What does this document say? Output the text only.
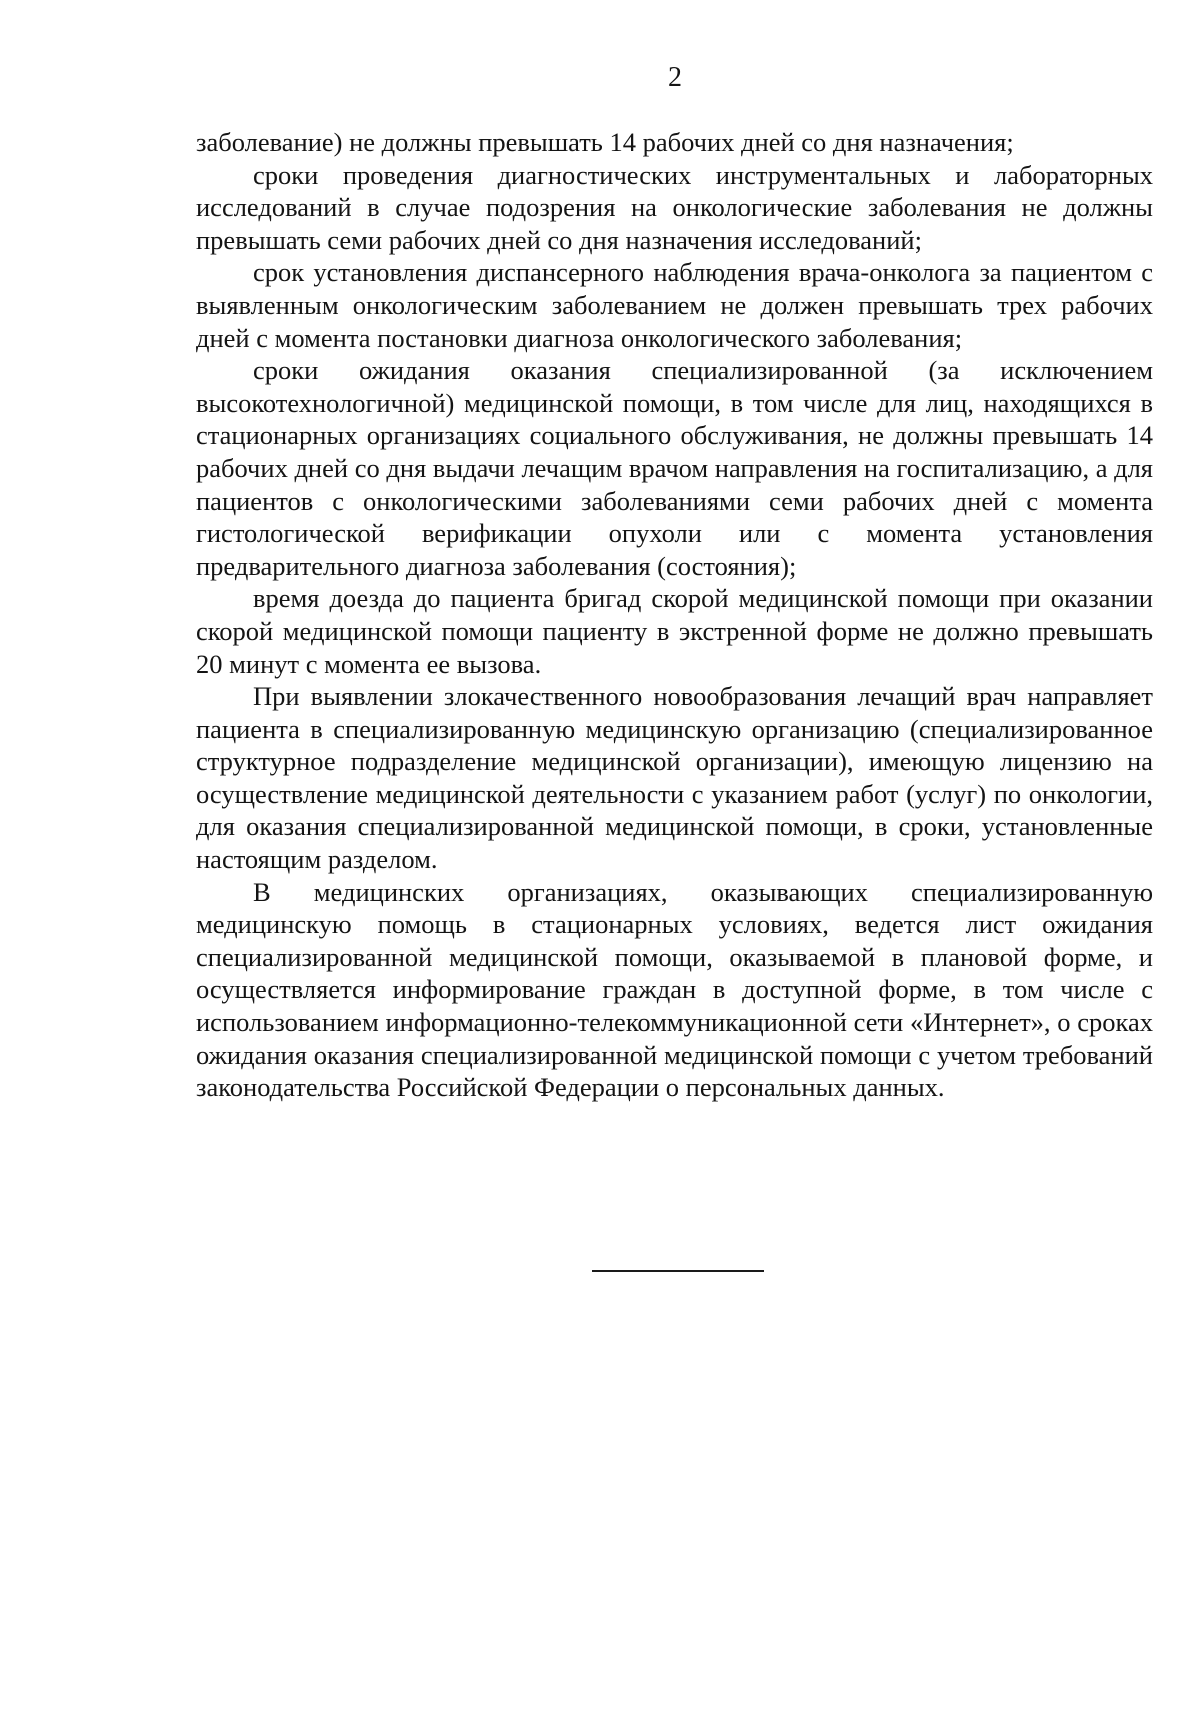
2

заболевание) не должны превышать 14 рабочих дней со дня назначения;

сроки проведения диагностических инструментальных и лабораторных исследований в случае подозрения на онкологические заболевания не должны превышать семи рабочих дней со дня назначения исследований;

срок установления диспансерного наблюдения врача-онколога за пациентом с выявленным онкологическим заболеванием не должен превышать трех рабочих дней с момента постановки диагноза онкологического заболевания;

сроки ожидания оказания специализированной (за исключением высокотехнологичной) медицинской помощи, в том числе для лиц, находящихся в стационарных организациях социального обслуживания, не должны превышать 14 рабочих дней со дня выдачи лечащим врачом направления на госпитализацию, а для пациентов с онкологическими заболеваниями семи рабочих дней с момента гистологической верификации опухоли или с момента установления предварительного диагноза заболевания (состояния);

время доезда до пациента бригад скорой медицинской помощи при оказании скорой медицинской помощи пациенту в экстренной форме не должно превышать 20 минут с момента ее вызова.

При выявлении злокачественного новообразования лечащий врач направляет пациента в специализированную медицинскую организацию (специализированное структурное подразделение медицинской организации), имеющую лицензию на осуществление медицинской деятельности с указанием работ (услуг) по онкологии, для оказания специализированной медицинской помощи, в сроки, установленные настоящим разделом.

В медицинских организациях, оказывающих специализированную медицинскую помощь в стационарных условиях, ведется лист ожидания специализированной медицинской помощи, оказываемой в плановой форме, и осуществляется информирование граждан в доступной форме, в том числе с использованием информационно-телекоммуникационной сети «Интернет», о сроках ожидания оказания специализированной медицинской помощи с учетом требований законодательства Российской Федерации о персональных данных.
